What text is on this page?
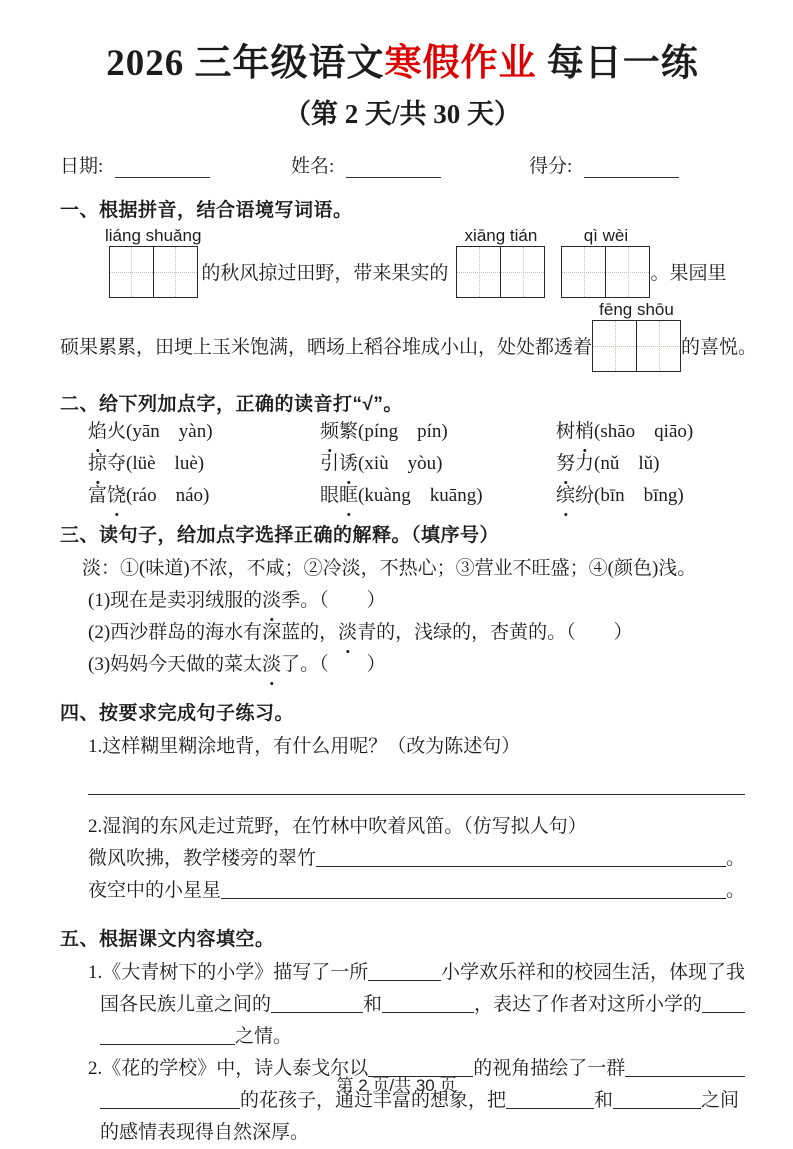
2026 三年级语文寒假作业 每日一练
（第 2 天/共 30 天）
日期:	姓名:	得分:
一、根据拼音，结合语境写词语。
liáng shuǎng
的秋风掠过田野，带来果实的
xiāng tián	qì wèi
。果园里
硕果累累，田埂上玉米饱满，晒场上稻谷堆成小山，处处都透着
fēng shōu
的喜悦。
二、给下列加点字，正确的读音打“√”。
焰火(yān　yàn)	频繁(píng　pín)	树梢(shāo　qiāo)
掠夺(lüè　luè)	引诱(xiù　yòu)	努力(nǔ　lǔ)
富饶(ráo　náo)	眼眶(kuàng　kuāng)	缤纷(bīn　bīng)
三、读句子，给加点字选择正确的解释。（填序号）
淡：①(味道)不浓，不咸；②冷淡，不热心；③营业不旺盛；④(颜色)浅。
(1)现在是卖羽绒服的淡季。（　　）
(2)西沙群岛的海水有深蓝的，淡青的，浅绿的，杏黄的。（　　）
(3)妈妈今天做的菜太淡了。（　　）
四、按要求完成句子练习。
1.这样糊里糊涂地背，有什么用呢？（改为陈述句）
2.湿润的东风走过荒野，在竹林中吹着风笛。（仿写拟人句）
微风吹拂，教学楼旁的翠竹	。
夜空中的小星星	。
五、根据课文内容填空。
1.《大青树下的小学》描写了一所	小学欢乐祥和的校园生活，体现了我
国各民族儿童之间的	和	，表达了作者对这所小学的
之情。
2.《花的学校》中，诗人泰戈尔以	的视角描绘了一群
的花孩子，通过丰富的想象，把	和	之间
的感情表现得自然深厚。
第 2 页/共 30 页
